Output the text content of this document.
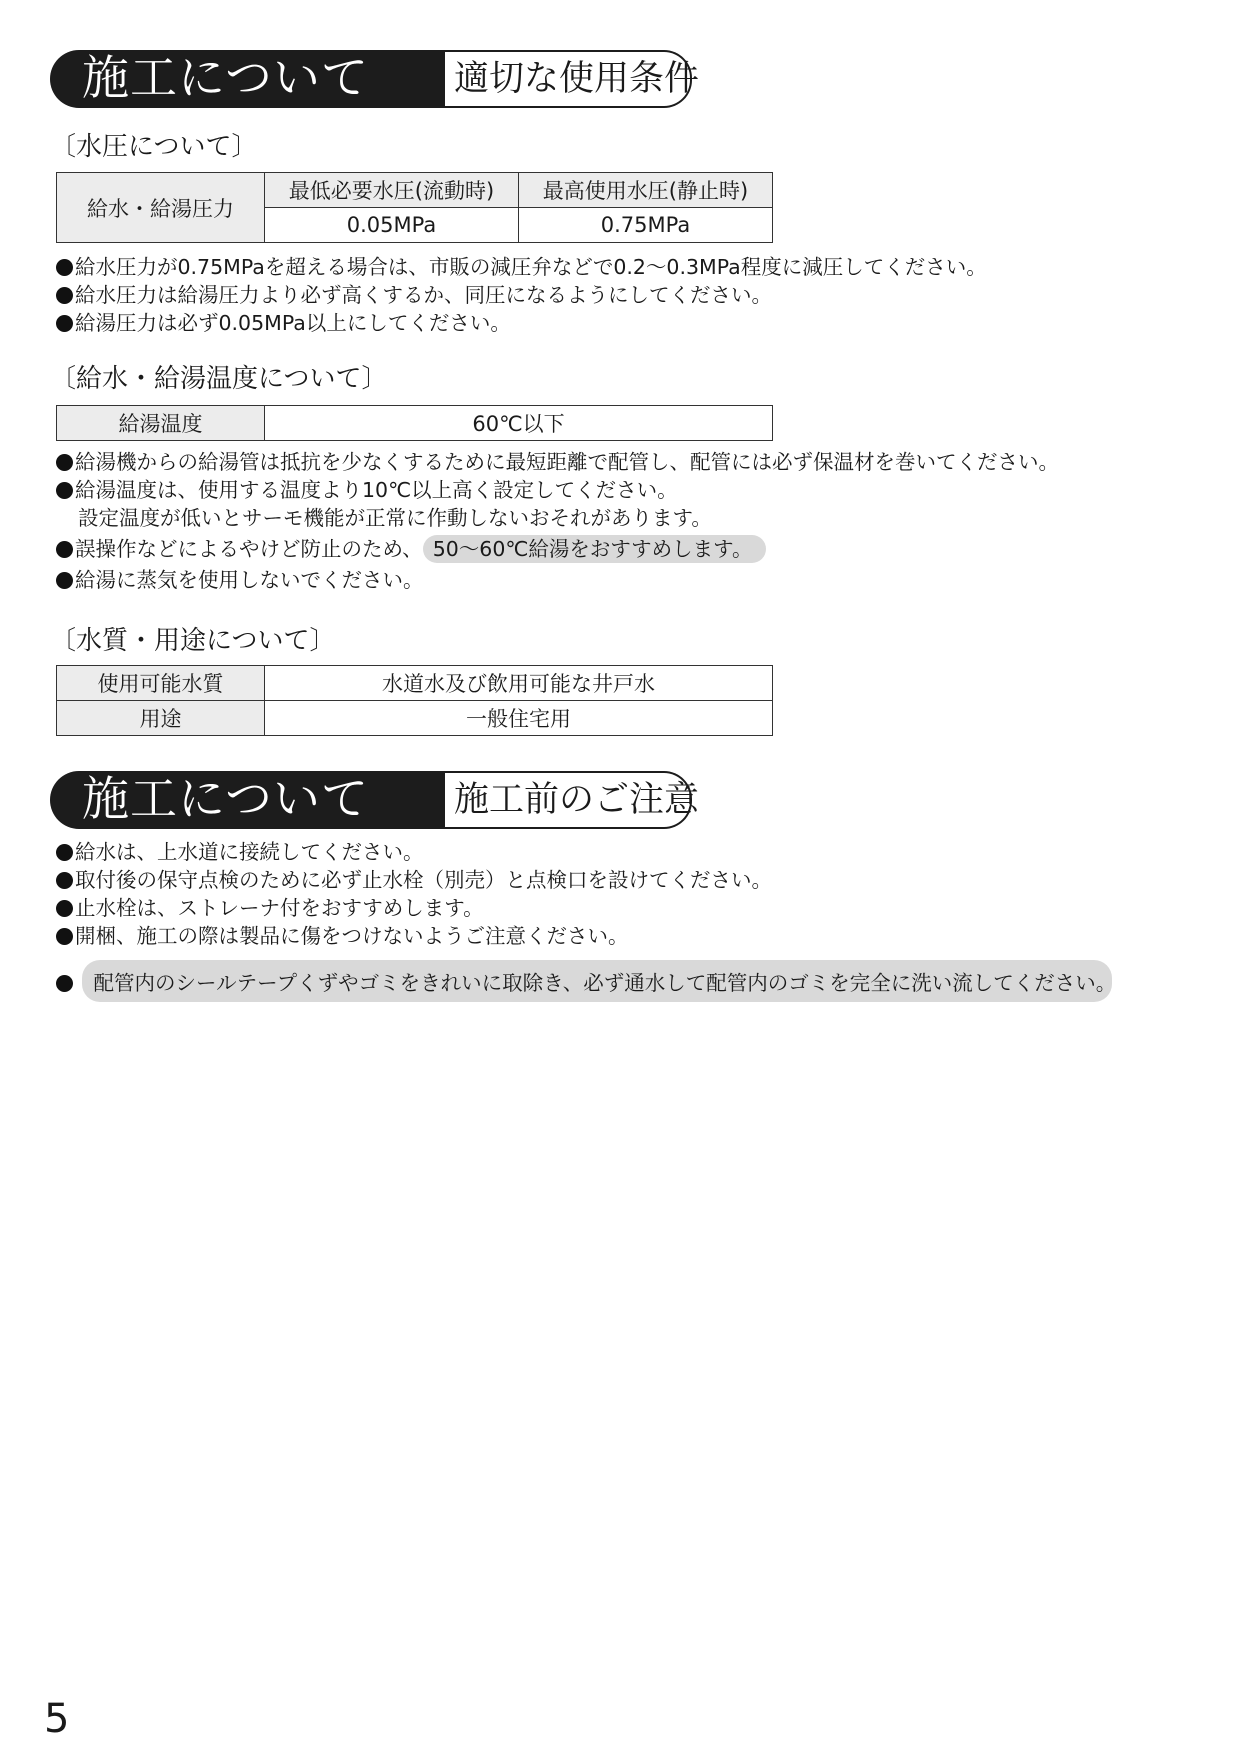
適切な使用条件
施工について
〔水圧について〕
給水・給湯圧力	最低必要水圧(流動時)	最高使用水圧(静止時)
	0.05MPa	0.75MPa
給水圧力が0.75MPaを超える場合は、市販の減圧弁などで0.2〜0.3MPa程度に減圧してください。
給水圧力は給湯圧力より必ず高くするか、同圧になるようにしてください。
給湯圧力は必ず0.05MPa以上にしてください。
〔給水・給湯温度について〕
給湯温度	60℃以下
給湯機からの給湯管は抵抗を少なくするために最短距離で配管し、配管には必ず保温材を巻いてください。
給湯温度は、使用する温度より10℃以上高く設定してください。
設定温度が低いとサーモ機能が正常に作動しないおそれがあります。
誤操作などによるやけど防止のため、 50〜60℃給湯をおすすめします。
給湯に蒸気を使用しないでください。
〔水質・用途について〕
使用可能水質	水道水及び飲用可能な井戸水
用途	一般住宅用
施工前のご注意
施工について
給水は、上水道に接続してください。
取付後の保守点検のために必ず止水栓（別売）と点検口を設けてください。
止水栓は、ストレーナ付をおすすめします。
開梱、施工の際は製品に傷をつけないようご注意ください。
配管内のシールテープくずやゴミをきれいに取除き、必ず通水して配管内のゴミを完全に洗い流してください。
5
